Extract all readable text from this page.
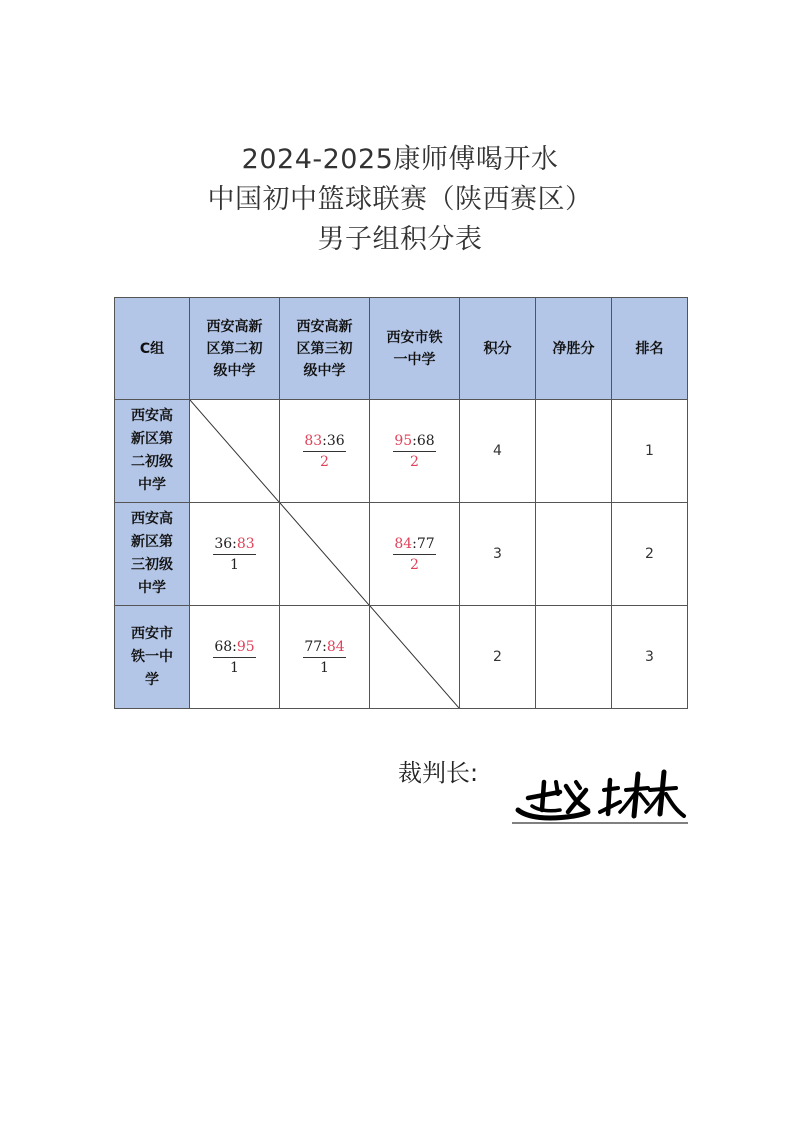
2024-2025康师傅喝开水
中国初中篮球联赛（陕西赛区）
男子组积分表
C组	西安高新
区第二初
级中学	西安高新
区第三初
级中学	西安市铁
一中学	积分	净胜分	排名
西安高
新区第
二初级
中学		$\frac{83:36}{2}$	$\frac{95:68}{2}$	4		1
西安高
新区第
三初级
中学	$\frac{36:83}{1}$		$\frac{84:77}{2}$	3		2
西安市
铁一中
学	$\frac{68:95}{1}$	$\frac{77:84}{1}$		2		3
裁判长:
